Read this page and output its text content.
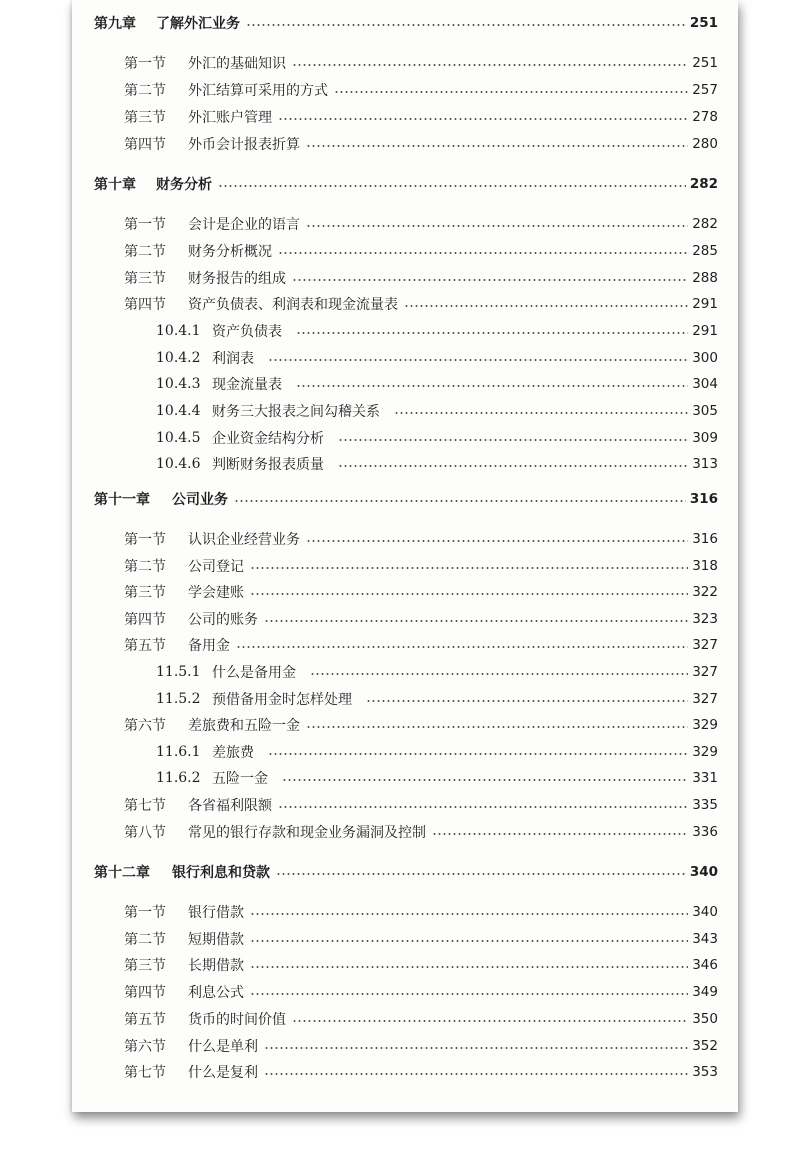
第九章	了解外汇业务	251
第一节	外汇的基础知识	251
第二节	外汇结算可采用的方式	257
第三节	外汇账户管理	278
第四节	外币会计报表折算	280
第十章	财务分析	282
第一节	会计是企业的语言	282
第二节	财务分析概况	285
第三节	财务报告的组成	288
第四节	资产负债表、利润表和现金流量表	291
10.4.1 资产负债表	291
10.4.2 利润表	300
10.4.3 现金流量表	304
10.4.4 财务三大报表之间勾稽关系	305
10.4.5 企业资金结构分析	309
10.4.6 判断财务报表质量	313
第十一章	公司业务	316
第一节	认识企业经营业务	316
第二节	公司登记	318
第三节	学会建账	322
第四节	公司的账务	323
第五节	备用金	327
11.5.1 什么是备用金	327
11.5.2 预借备用金时怎样处理	327
第六节	差旅费和五险一金	329
11.6.1 差旅费	329
11.6.2 五险一金	331
第七节	各省福利限额	335
第八节	常见的银行存款和现金业务漏洞及控制	336
第十二章	银行利息和贷款	340
第一节	银行借款	340
第二节	短期借款	343
第三节	长期借款	346
第四节	利息公式	349
第五节	货币的时间价值	350
第六节	什么是单利	352
第七节	什么是复利	353
